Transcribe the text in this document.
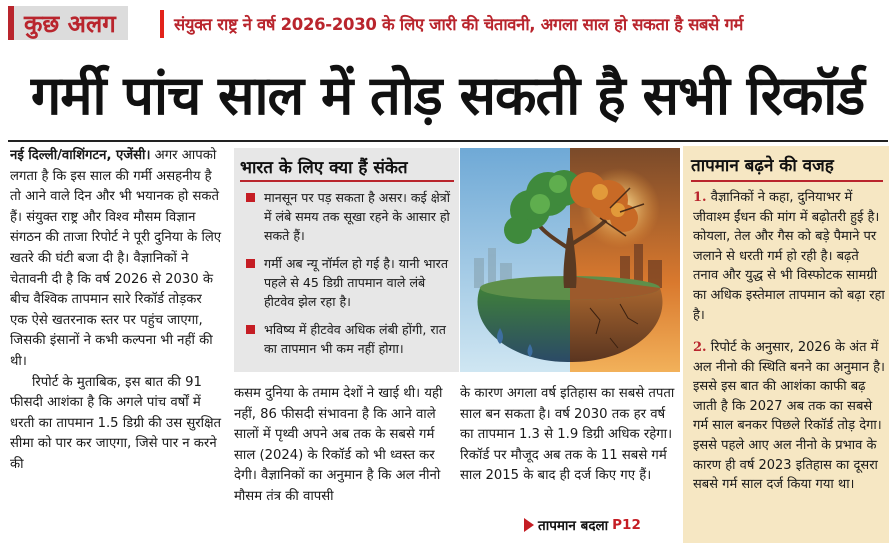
कुछ अलग	संयुक्त राष्ट्र ने वर्ष 2026-2030 के लिए जारी की चेतावनी, अगला साल हो सकता है सबसे गर्म
गर्मी पांच साल में तोड़ सकती है सभी रिकॉर्ड
नई दिल्ली/वाशिंगटन, एजेंसी। अगर आपको लगता है कि इस साल की गर्मी असहनीय है तो आने वाले दिन और भी भयानक हो सकते हैं। संयुक्त राष्ट्र और विश्व मौसम विज्ञान संगठन की ताजा रिपोर्ट ने पूरी दुनिया के लिए खतरे की घंटी बजा दी है। वैज्ञानिकों ने चेतावनी दी है कि वर्ष 2026 से 2030 के बीच वैश्विक तापमान सारे रिकॉर्ड तोड़कर एक ऐसे खतरनाक स्तर पर पहुंच जाएगा, जिसकी इंसानों ने कभी कल्पना भी नहीं की थी।
रिपोर्ट के मुताबिक, इस बात की 91 फीसदी आशंका है कि अगले पांच वर्षों में धरती का तापमान 1.5 डिग्री की उस सुरक्षित सीमा को पार कर जाएगा, जिसे पार न करने की
भारत के लिए क्या हैं संकेत
मानसून पर पड़ सकता है असर। कई क्षेत्रों में लंबे समय तक सूखा रहने के आसार हो सकते हैं।
गर्मी अब न्यू नॉर्मल हो गई है। यानी भारत पहले से 45 डिग्री तापमान वाले लंबे हीटवेव झेल रहा है।
भविष्य में हीटवेव अधिक लंबी होंगी, रात का तापमान भी कम नहीं होगा।
कसम दुनिया के तमाम देशों ने खाई थी। यही नहीं, 86 फीसदी संभावना है कि आने वाले सालों में पृथ्वी अपने अब तक के सबसे गर्म साल (2024) के रिकॉर्ड को भी ध्वस्त कर देगी। वैज्ञानिकों का अनुमान है कि अल नीनो मौसम तंत्र की वापसी
के कारण अगला वर्ष इतिहास का सबसे तपता साल बन सकता है। वर्ष 2030 तक हर वर्ष का तापमान 1.3 से 1.9 डिग्री अधिक रहेगा। रिकॉर्ड पर मौजूद अब तक के 11 सबसे गर्म साल 2015 के बाद ही दर्ज किए गए हैं।
तापमान बदला P12
तापमान बढ़ने की वजह
1. वैज्ञानिकों ने कहा, दुनियाभर में जीवाश्म ईंधन की मांग में बढ़ोतरी हुई है। कोयला, तेल और गैस को बड़े पैमाने पर जलाने से धरती गर्म हो रही है। बढ़ते तनाव और युद्ध से भी विस्फोटक सामग्री का अधिक इस्तेमाल तापमान को बढ़ा रहा है।
2. रिपोर्ट के अनुसार, 2026 के अंत में अल नीनो की स्थिति बनने का अनुमान है। इससे इस बात की आशंका काफी बढ़ जाती है कि 2027 अब तक का सबसे गर्म साल बनकर पिछले रिकॉर्ड तोड़ देगा। इससे पहले आए अल नीनो के प्रभाव के कारण ही वर्ष 2023 इतिहास का दूसरा सबसे गर्म साल दर्ज किया गया था।
